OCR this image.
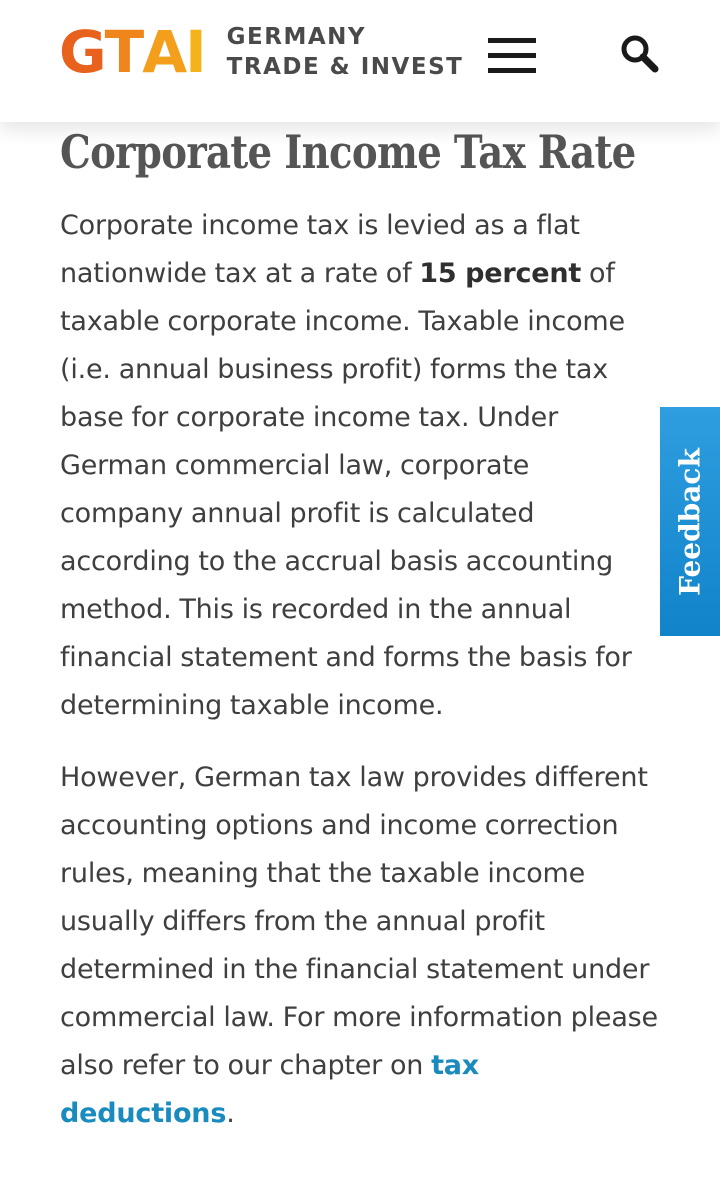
G T A I GERMANY
TRADE & INVEST
Corporate Income Tax Rate

Corporate income tax is levied as a flat nationwide tax at a rate of 15 percent of taxable corporate income. Taxable income (i.e. annual business profit) forms the tax base for corporate income tax. Under German commercial law, corporate company annual profit is calculated according to the accrual basis accounting method. This is recorded in the annual financial statement and forms the basis for determining taxable income.

However, German tax law provides different accounting options and income correction rules, meaning that the taxable income usually differs from the annual profit determined in the financial statement under commercial law. For more information please also refer to our chapter on tax deductions.

Feedback
